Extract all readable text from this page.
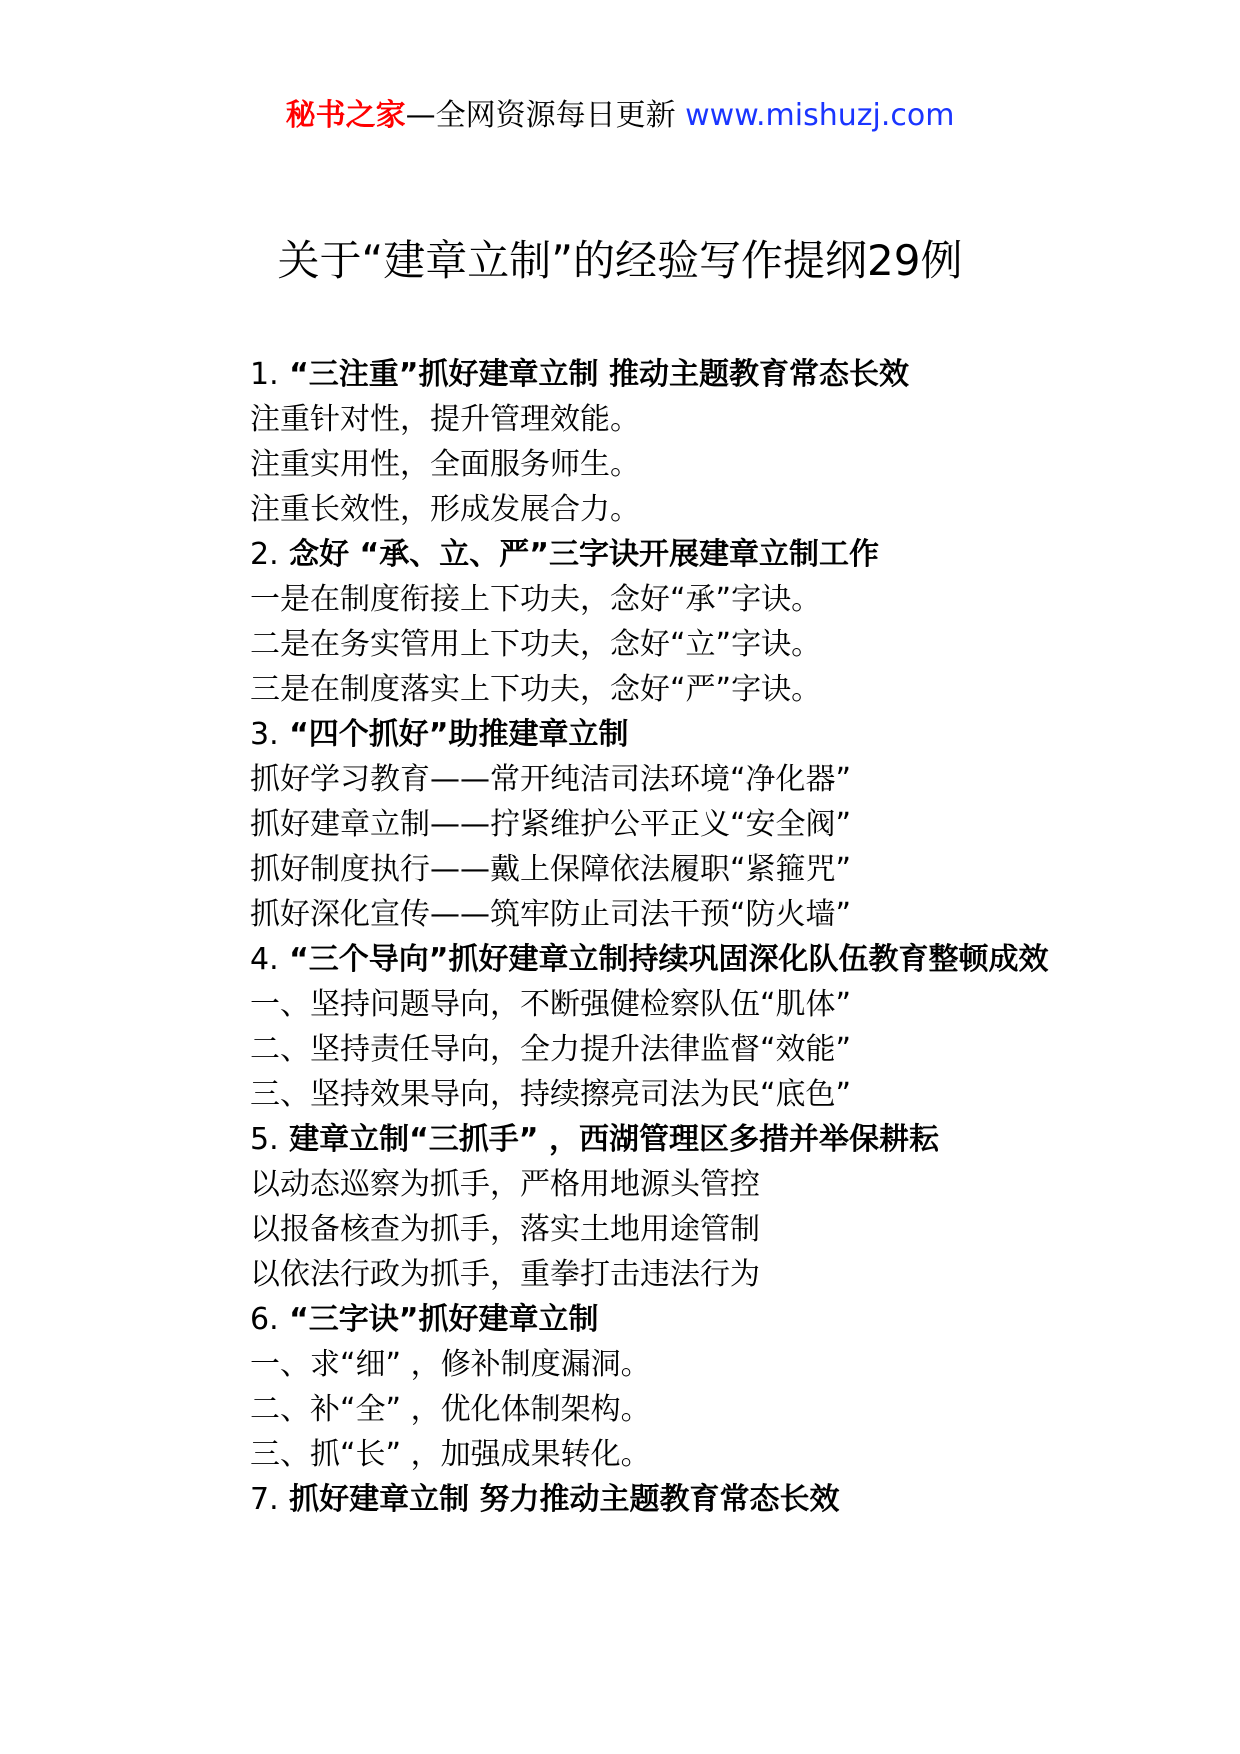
秘书之家—全网资源每日更新 www.mishuzj.com
关于“建章立制”的经验写作提纲29例

1. “三注重”抓好建章立制 推动主题教育常态长效

注重针对性，提升管理效能。

注重实用性，全面服务师生。

注重长效性，形成发展合力。

2. 念好 “承、立、严”三字诀开展建章立制工作

一是在制度衔接上下功夫，念好“承”字诀。

二是在务实管用上下功夫，念好“立”字诀。

三是在制度落实上下功夫，念好“严”字诀。

3. “四个抓好”助推建章立制

抓好学习教育——常开纯洁司法环境“净化器”

抓好建章立制——拧紧维护公平正义“安全阀”

抓好制度执行——戴上保障依法履职“紧箍咒”

抓好深化宣传——筑牢防止司法干预“防火墙”

4. “三个导向”抓好建章立制持续巩固深化队伍教育整顿成效

一、坚持问题导向，不断强健检察队伍“肌体”

二、坚持责任导向，全力提升法律监督“效能”

三、坚持效果导向，持续擦亮司法为民“底色”

5. 建章立制“三抓手” ，西湖管理区多措并举保耕耘

以动态巡察为抓手，严格用地源头管控

以报备核查为抓手，落实土地用途管制

以依法行政为抓手，重拳打击违法行为

6. “三字诀”抓好建章立制

一、求“细” ，修补制度漏洞。

二、补“全” ，优化体制架构。

三、抓“长” ，加强成果转化。

7. 抓好建章立制 努力推动主题教育常态长效
